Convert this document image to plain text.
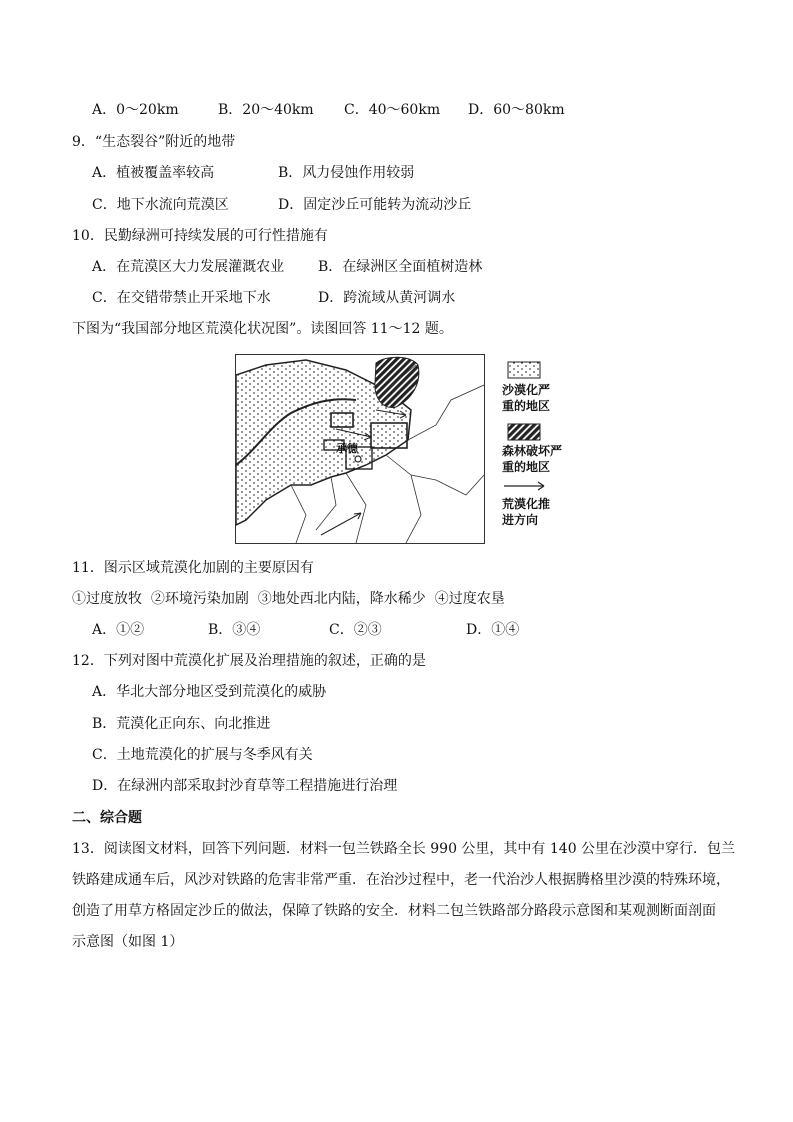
A．0～20km	B．20～40km C．40～60km D．60～80km
9．“生态裂谷”附近的地带
A．植被覆盖率较高	B．风力侵蚀作用较弱
C．地下水流向荒漠区	D．固定沙丘可能转为流动沙丘
10．民勤绿洲可持续发展的可行性措施有
A．在荒漠区大力发展灌溉农业 B．在绿洲区全面植树造林
C．在交错带禁止开采地下水	D．跨流域从黄河调水
下图为“我国部分地区荒漠化状况图”。读图回答 11～12 题。
承德
沙漠化严
重的地区
森林破坏严
重的地区
荒漠化推
进方向
11．图示区域荒漠化加剧的主要原因有
①过度放牧  ②环境污染加剧  ③地处西北内陆，降水稀少  ④过度农垦
A．①②	B．③④	C．②③	D．①④
12．下列对图中荒漠化扩展及治理措施的叙述，正确的是
A．华北大部分地区受到荒漠化的威胁
B．荒漠化正向东、向北推进
C．土地荒漠化的扩展与冬季风有关
D．在绿洲内部采取封沙育草等工程措施进行治理
二、综合题
13．阅读图文材料，回答下列问题．材料一包兰铁路全长 990 公里，其中有 140 公里在沙漠中穿行．包兰
铁路建成通车后，风沙对铁路的危害非常严重．在治沙过程中，老一代治沙人根据腾格里沙漠的特殊环境，
创造了用草方格固定沙丘的做法，保障了铁路的安全．材料二包兰铁路部分路段示意图和某观测断面剖面
示意图（如图 1）
